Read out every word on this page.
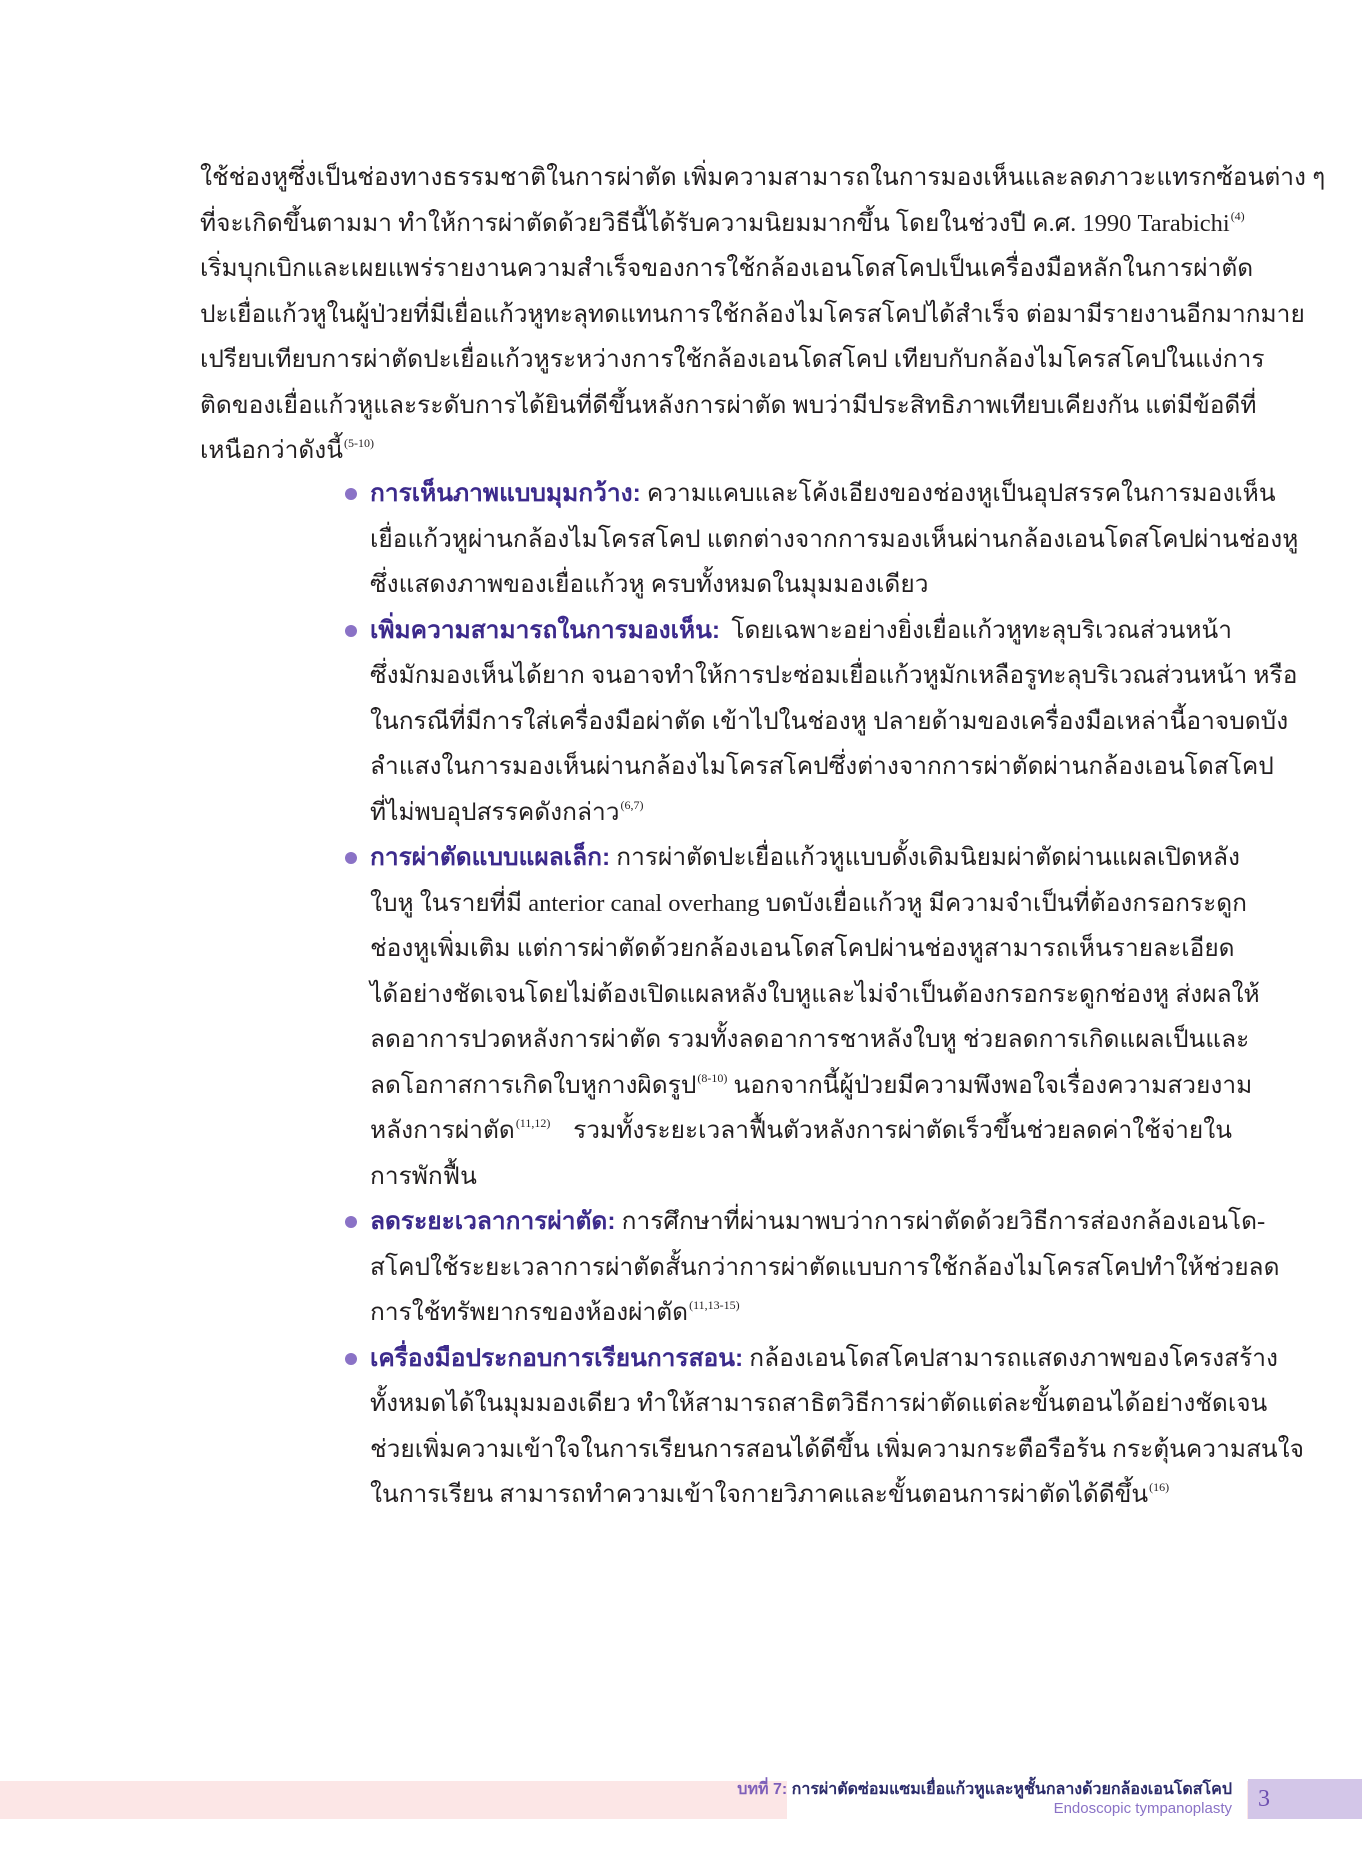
ใช้ช่องหูซึ่งเป็นช่องทางธรรมชาติในการผ่าตัด เพิ่มความสามารถในการมองเห็นและลดภาวะแทรกซ้อนต่าง ๆ
ที่จะเกิดขึ้นตามมา ทำให้การผ่าตัดด้วยวิธีนี้ได้รับความนิยมมากขึ้น โดยในช่วงปี ค.ศ. 1990 Tarabichi$^{(4)}$
เริ่มบุกเบิกและเผยแพร่รายงานความสำเร็จของการใช้กล้องเอนโดสโคปเป็นเครื่องมือหลักในการผ่าตัด
ปะเยื่อแก้วหูในผู้ป่วยที่มีเยื่อแก้วหูทะลุทดแทนการใช้กล้องไมโครสโคปได้สำเร็จ ต่อมามีรายงานอีกมากมาย
เปรียบเทียบการผ่าตัดปะเยื่อแก้วหูระหว่างการใช้กล้องเอนโดสโคป เทียบกับกล้องไมโครสโคปในแง่การ
ติดของเยื่อแก้วหูและระดับการได้ยินที่ดีขึ้นหลังการผ่าตัด พบว่ามีประสิทธิภาพเทียบเคียงกัน แต่มีข้อดีที่
เหนือกว่าดังนี้$^{(5-10)}$
การเห็นภาพแบบมุมกว้าง: ความแคบและโค้งเอียงของช่องหูเป็นอุปสรรคในการมองเห็น
เยื่อแก้วหูผ่านกล้องไมโครสโคป แตกต่างจากการมองเห็นผ่านกล้องเอนโดสโคปผ่านช่องหู
ซึ่งแสดงภาพของเยื่อแก้วหู ครบทั้งหมดในมุมมองเดียว
เพิ่มความสามารถในการมองเห็น: โดยเฉพาะอย่างยิ่งเยื่อแก้วหูทะลุบริเวณส่วนหน้า
ซึ่งมักมองเห็นได้ยาก จนอาจทำให้การปะซ่อมเยื่อแก้วหูมักเหลือรูทะลุบริเวณส่วนหน้า หรือ
ในกรณีที่มีการใส่เครื่องมือผ่าตัด เข้าไปในช่องหู ปลายด้ามของเครื่องมือเหล่านี้อาจบดบัง
ลำแสงในการมองเห็นผ่านกล้องไมโครสโคปซึ่งต่างจากการผ่าตัดผ่านกล้องเอนโดสโคป
ที่ไม่พบอุปสรรคดังกล่าว$^{(6,7)}$
การผ่าตัดแบบแผลเล็ก: การผ่าตัดปะเยื่อแก้วหูแบบดั้งเดิมนิยมผ่าตัดผ่านแผลเปิดหลัง
ใบหู ในรายที่มี anterior canal overhang บดบังเยื่อแก้วหู มีความจำเป็นที่ต้องกรอกระดูก
ช่องหูเพิ่มเติม แต่การผ่าตัดด้วยกล้องเอนโดสโคปผ่านช่องหูสามารถเห็นรายละเอียด
ได้อย่างชัดเจนโดยไม่ต้องเปิดแผลหลังใบหูและไม่จำเป็นต้องกรอกระดูกช่องหู ส่งผลให้
ลดอาการปวดหลังการผ่าตัด รวมทั้งลดอาการชาหลังใบหู ช่วยลดการเกิดแผลเป็นและ
ลดโอกาสการเกิดใบหูกางผิดรูป$^{(8-10)}$ นอกจากนี้ผู้ป่วยมีความพึงพอใจเรื่องความสวยงาม
หลังการผ่าตัด$^{(11,12)}$ รวมทั้งระยะเวลาฟื้นตัวหลังการผ่าตัดเร็วขึ้นช่วยลดค่าใช้จ่ายใน
การพักฟื้น
ลดระยะเวลาการผ่าตัด: การศึกษาที่ผ่านมาพบว่าการผ่าตัดด้วยวิธีการส่องกล้องเอนโด-
สโคปใช้ระยะเวลาการผ่าตัดสั้นกว่าการผ่าตัดแบบการใช้กล้องไมโครสโคปทำให้ช่วยลด
การใช้ทรัพยากรของห้องผ่าตัด$^{(11,13-15)}$
เครื่องมือประกอบการเรียนการสอน: กล้องเอนโดสโคปสามารถแสดงภาพของโครงสร้าง
ทั้งหมดได้ในมุมมองเดียว ทำให้สามารถสาธิตวิธีการผ่าตัดแต่ละขั้นตอนได้อย่างชัดเจน
ช่วยเพิ่มความเข้าใจในการเรียนการสอนได้ดีขึ้น เพิ่มความกระตือรือร้น กระตุ้นความสนใจ
ในการเรียน สามารถทำความเข้าใจกายวิภาคและขั้นตอนการผ่าตัดได้ดีขึ้น$^{(16)}$
บทที่ 7: การผ่าตัดซ่อมแซมเยื่อแก้วหูและหูชั้นกลางด้วยกล้องเอนโดสโคป
Endoscopic tympanoplasty	3
